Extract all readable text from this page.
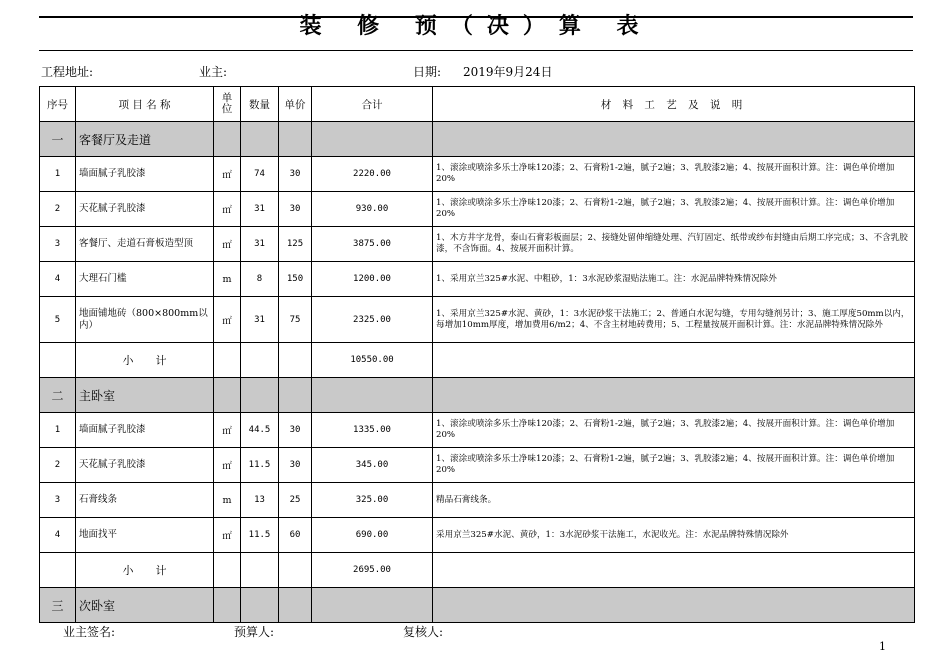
装 修 预（决）算 表
工程地址:	业主:	日期: 2019年9月24日
序号	项 目 名 称	单位	数量	单价	合计	材 料 工 艺 及 说 明
一	客餐厅及走道					
1	墙面腻子乳胶漆	㎡	74	30	2220.00	1、滚涂或喷涂多乐士净味120漆；2、石膏粉1-2遍，腻子2遍；3、乳胶漆2遍；4、按展开面积计算。注：调色单价增加20%
2	天花腻子乳胶漆	㎡	31	30	930.00	1、滚涂或喷涂多乐士净味120漆；2、石膏粉1-2遍，腻子2遍；3、乳胶漆2遍；4、按展开面积计算。注：调色单价增加20%
3	客餐厅、走道石膏板造型顶	㎡	31	125	3875.00	1、木方井字龙骨，泰山石膏彩板面层；2、接缝处留伸缩缝处理、汽钉固定、纸带或纱布封缝由后期工序完成；3、不含乳胶漆，不含饰面。4、按展开面积计算。
4	大理石门槛	m	8	150	1200.00	1、采用京兰325#水泥、中粗砂，1：3水泥砂浆湿贴法施工。注：水泥品牌特殊情况除外
5	地面铺地砖（800×800mm以内）	㎡	31	75	2325.00	1、采用京兰325#水泥、黄砂，1：3水泥砂浆干法施工；2、普通白水泥勾缝，专用勾缝剂另计；3、施工厚度50mm以内，每增加10mm厚度，增加费用6/m2；4、不含主材地砖费用；5、工程量按展开面积计算。注：水泥品牌特殊情况除外
	小　　计				10550.00	
二	主卧室					
1	墙面腻子乳胶漆	㎡	44.5	30	1335.00	1、滚涂或喷涂多乐士净味120漆；2、石膏粉1-2遍，腻子2遍；3、乳胶漆2遍；4、按展开面积计算。注：调色单价增加20%
2	天花腻子乳胶漆	㎡	11.5	30	345.00	1、滚涂或喷涂多乐士净味120漆；2、石膏粉1-2遍，腻子2遍；3、乳胶漆2遍；4、按展开面积计算。注：调色单价增加20%
3	石膏线条	m	13	25	325.00	精品石膏线条。
4	地面找平	㎡	11.5	60	690.00	采用京兰325#水泥、黄砂，1：3水泥砂浆干法施工，水泥收光。注：水泥品牌特殊情况除外
	小　　计				2695.00	
三	次卧室					
业主签名:	预算人:	复核人:
1
